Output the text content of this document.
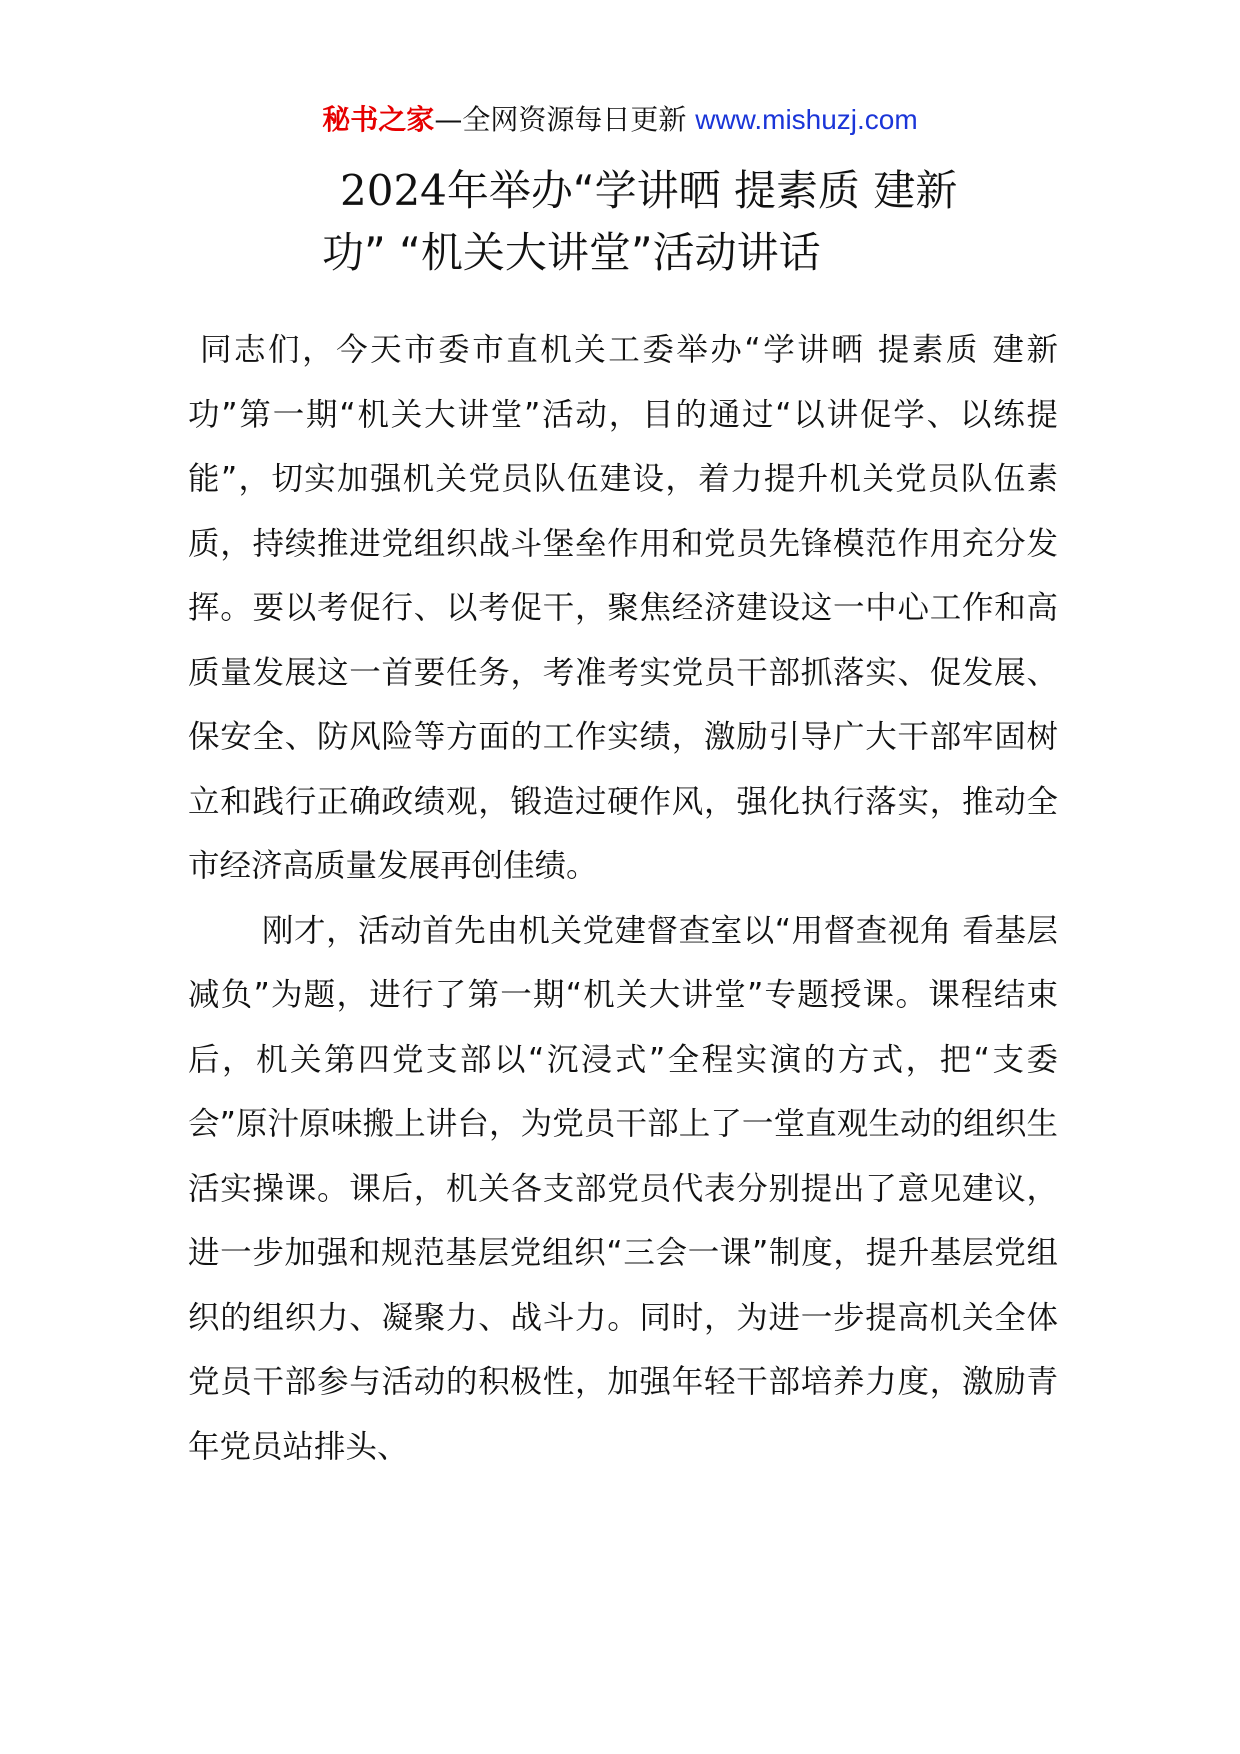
秘书之家—全网资源每日更新 www.mishuzj.com
2024年举办“学讲晒 提素质 建新
功” “机关大讲堂”活动讲话

同志们，今天市委市直机关工委举办“学讲晒 提素质 建新功”第一期“机关大讲堂”活动，目的通过“以讲促学、以练提能”，切实加强机关党员队伍建设，着力提升机关党员队伍素质，持续推进党组织战斗堡垒作用和党员先锋模范作用充分发挥。要以考促行、以考促干，聚焦经济建设这一中心工作和高质量发展这一首要任务，考准考实党员干部抓落实、促发展、保安全、防风险等方面的工作实绩，激励引导广大干部牢固树立和践行正确政绩观，锻造过硬作风，强化执行落实，推动全市经济高质量发展再创佳绩。

刚才，活动首先由机关党建督查室以“用督查视角 看基层减负”为题，进行了第一期“机关大讲堂”专题授课。课程结束后，机关第四党支部以“沉浸式”全程实演的方式，把“支委会”原汁原味搬上讲台，为党员干部上了一堂直观生动的组织生活实操课。课后，机关各支部党员代表分别提出了意见建议，进一步加强和规范基层党组织“三会一课”制度，提升基层党组织的组织力、凝聚力、战斗力。同时，为进一步提高机关全体党员干部参与活动的积极性，加强年轻干部培养力度，激励青年党员站排头、
